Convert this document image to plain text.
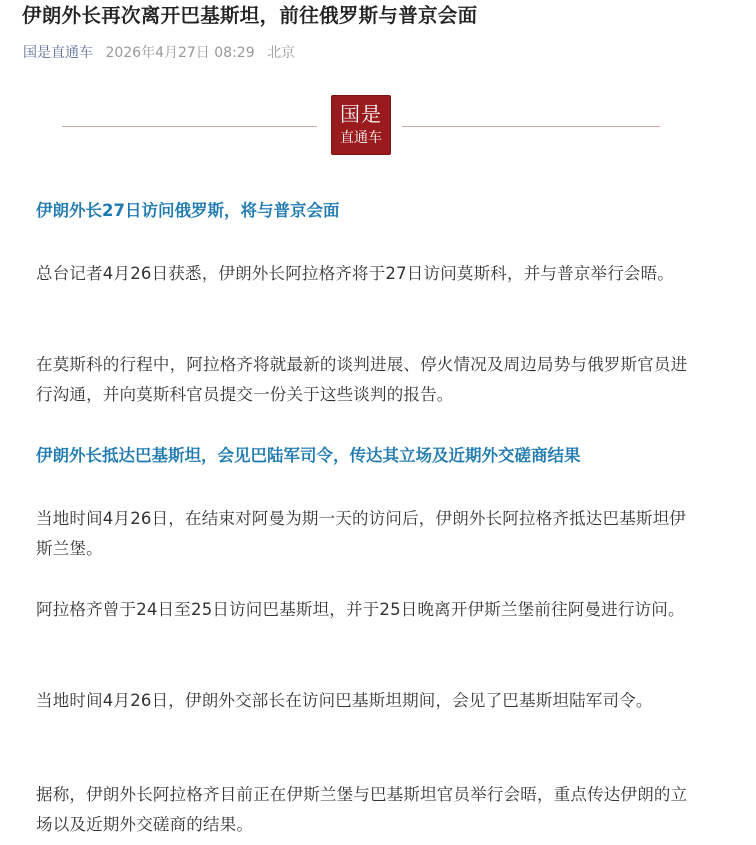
伊朗外长再次离开巴基斯坦，前往俄罗斯与普京会面
国是直通车 2026年4月27日 08:29 北京
国是
直通车
伊朗外长27日访问俄罗斯，将与普京会面
总台记者4月26日获悉，伊朗外长阿拉格齐将于27日访问莫斯科，并与普京举行会晤。
在莫斯科的行程中，阿拉格齐将就最新的谈判进展、停火情况及周边局势与俄罗斯官员进行沟通，并向莫斯科官员提交一份关于这些谈判的报告。
伊朗外长抵达巴基斯坦，会见巴陆军司令，传达其立场及近期外交磋商结果
当地时间4月26日，在结束对阿曼为期一天的访问后，伊朗外长阿拉格齐抵达巴基斯坦伊斯兰堡。
阿拉格齐曾于24日至25日访问巴基斯坦，并于25日晚离开伊斯兰堡前往阿曼进行访问。
当地时间4月26日，伊朗外交部长在访问巴基斯坦期间，会见了巴基斯坦陆军司令。
据称，伊朗外长阿拉格齐目前正在伊斯兰堡与巴基斯坦官员举行会晤，重点传达伊朗的立场以及近期外交磋商的结果。
